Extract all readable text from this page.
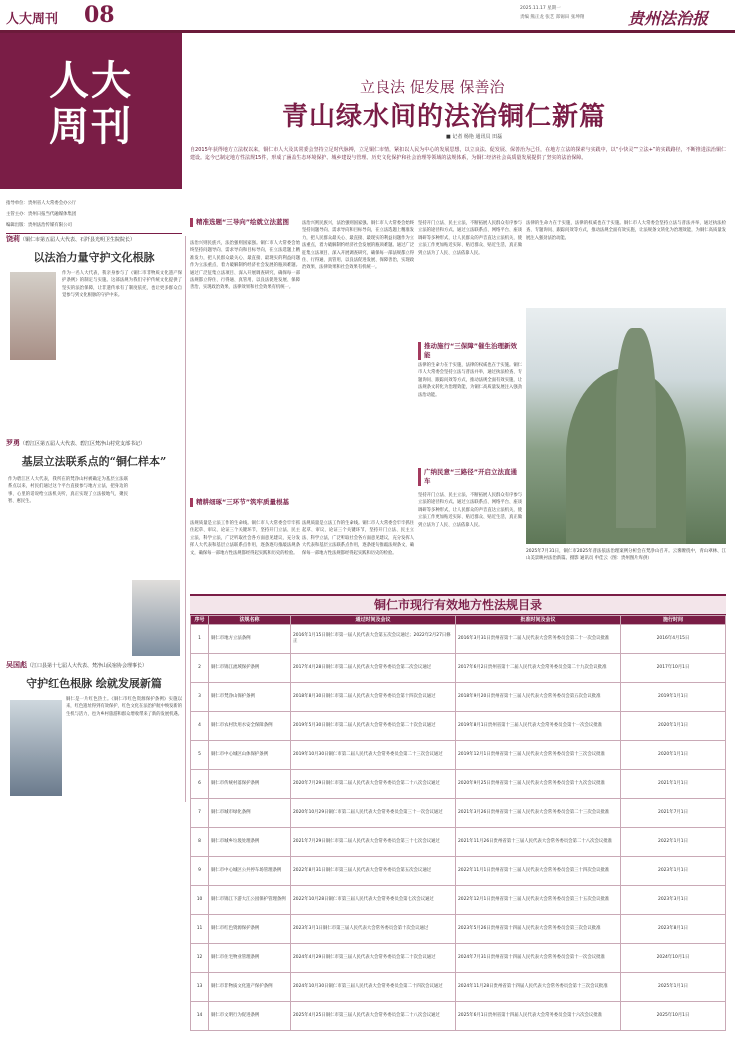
人大周刊 08	2025.11.17 星期一
责编 熊正龙 张艺 郑锡田 张坤翔	贵州法治报
人大周刊
指导单位：贵州省人大常委会办公厅
主管主办：贵州日报当代融媒体集团
编辑出版：贵州法治传媒有限公司
立良法 促发展 保善治
青山绿水间的法治铜仁新篇
■ 记者 杨艳 通讯员 田磊
自2015年获得地方立法权以来，铜仁市人大及其常委会坚持立足时代脉搏，立足铜仁市情，紧扣以人民为中心的发展思想，以立良法、促发展、保善治为己任，在地方立法的探索与实践中，以“小快灵”“立法+”的实践路径，不断推进法治铜仁建设。迄今已制定地方性法规15件，形成了涵盖生态环境保护、城乡建设与管理、历史文化保护和社会治理等领域的法规体系，为铜仁经济社会高质量发展提供了坚实的法治保障。
饶莉（铜仁市第五届人大代表、石阡县光明卫生院院长）
以法治力量守护文化根脉
作为一名人大代表，我亲身参与了《铜仁市非物质文化遗产保护条例》的制定与实施。这部法规为我们守护传统文化提供了坚实的法治保障，让非遗传承有了制度依托，也让更多群众自觉参与到文化根脉的守护中来。
罗勇（碧江区第五届人大代表、碧江区梵净山村党支部书记）
基层立法联系点的“铜仁样本”
作为碧江区人大代表，我所在的梵净山村被确定为基层立法联系点以来，村民们通过这个平台直接参与地方立法，把身边的事、心里的话说给立法机关听，真正实现了立法接地气、聚民智、惠民生。
吴国彪（江口县第十七届人大代表、梵净山民宿协会理事长）
守护红色根脉 绘就发展新篇
铜仁是一片红色热土。《铜仁市红色资源保护条例》实施以来，红色遗址得到有效保护，红色文化在法治护航中焕发新的生机与活力，也为乡村旅游和群众增收带来了新的发展机遇。
精准选题“三导向”绘就立法蓝图
法治兴则民族兴，法治强则国家强。铜仁市人大常委会始终坚持问题导向、需求导向和目标导向，在立法选题上精准发力，把人民群众最关心、最直接、最现实的利益问题作为立法重点，着力破解制约经济社会发展的瓶颈难题。通过广泛征集立法项目、深入开展调查研究，确保每一部法规都立得住、行得通、真管用，以良法促进发展、保障善治，实现政治效果、法律效果和社会效果有机统一。
精耕细琢“三环节”筑牢质量根基
法规质量是立法工作的生命线。铜仁市人大常委会牢牢抓住起草、审议、论证三个关键环节，坚持开门立法、民主立法、科学立法，广泛听取社会各方面意见建议，充分发挥人大代表和基层立法联系点作用，逐条逐句推敲法规条文，确保每一部地方性法规都经得起实践和历史的检验。
法规质量是立法工作的生命线。铜仁市人大常委会牢牢抓住起草、审议、论证三个关键环节，坚持开门立法、民主立法、科学立法，广泛听取社会各方面意见建议，充分发挥人大代表和基层立法联系点作用，逐条逐句推敲法规条文，确保每一部地方性法规都经得起实践和历史的检验。
法治兴则民族兴，法治强则国家强。铜仁市人大常委会始终坚持问题导向、需求导向和目标导向，在立法选题上精准发力，把人民群众最关心、最直接、最现实的利益问题作为立法重点，着力破解制约经济社会发展的瓶颈难题。通过广泛征集立法项目、深入开展调查研究，确保每一部法规都立得住、行得通、真管用，以良法促进发展、保障善治，实现政治效果、法律效果和社会效果有机统一。
坚持开门立法、民主立法，不断拓展人民群众有序参与立法的途径和方式。通过立法联系点、网络平台、座谈调研等多种形式，让人民群众的声音直达立法机关，使立法工作更加贴近实际、贴近群众、贴近生活，真正做到立法为了人民、立法依靠人民。
推动施行“三保障”催生治理新效能
法律的生命力在于实施，法律的权威也在于实施。铜仁市人大常委会坚持立法与普法并举，通过执法检查、专题询问、跟踪问效等方式，推动法规全面有效实施，让法规条文转化为治理效能，为铜仁高质量发展注入强劲法治动能。
广纳民意“三路径”开启立法直通车
坚持开门立法、民主立法，不断拓展人民群众有序参与立法的途径和方式。通过立法联系点、网络平台、座谈调研等多种形式，让人民群众的声音直达立法机关，使立法工作更加贴近实际、贴近群众、贴近生活，真正做到立法为了人民、立法依靠人民。
法律的生命力在于实施，法律的权威也在于实施。铜仁市人大常委会坚持立法与普法并举，通过执法检查、专题询问、跟踪问效等方式，推动法规全面有效实施，让法规条文转化为治理效能，为铜仁高质量发展注入强劲法治动能。
2025年7月31日，铜仁市2025年普法依法治理案例分析会在梵净山召开。云雾缭绕中，青山翠林、江山美景映衬法治新篇。摄影 通讯员 申佳云（图：贵州图片库供）
铜仁市现行有效地方性法规目录
序号	法规名称	通过时间及会议	批准时间及会议	施行时间
1	铜仁市地方立法条例	2016年1月15日铜仁市第一届人民代表大会第五次会议通过；2022年2月27日修正	2016年3月31日贵州省第十二届人民代表大会常务委员会第二十一次会议批准	2016年4月15日
2	铜仁市锦江流域保护条例	2017年4月28日铜仁市第二届人民代表大会常务委员会第二次会议通过	2017年6月2日贵州省第十二届人民代表大会常务委员会第二十九次会议批准	2017年10月1日
3	铜仁市梵净山保护条例	2018年8月30日铜仁市第二届人民代表大会常务委员会第十四次会议通过	2018年9月20日贵州省第十三届人民代表大会常务委员会第五次会议批准	2019年1月1日
4	铜仁市农村饮用水安全保障条例	2019年5月30日铜仁市第二届人民代表大会常务委员会第二十次会议通过	2019年8月1日贵州省第十三届人民代表大会常务委员会第十一次会议批准	2020年1月1日
5	铜仁市中心城区山体保护条例	2019年10月30日铜仁市第二届人民代表大会常务委员会第二十三次会议通过	2019年12月1日贵州省第十三届人民代表大会常务委员会第十三次会议批准	2020年1月1日
6	铜仁市传统村落保护条例	2020年7月29日铜仁市第二届人民代表大会常务委员会第二十八次会议通过	2020年9月25日贵州省第十三届人民代表大会常务委员会第十九次会议批准	2021年1月1日
7	铜仁市城市绿化条例	2020年10月29日铜仁市第二届人民代表大会常务委员会第三十一次会议通过	2021年3月26日贵州省第十三届人民代表大会常务委员会第二十三次会议批准	2021年7月1日
8	铜仁市城乡垃圾处理条例	2021年7月29日铜仁市第二届人民代表大会常务委员会第三十七次会议通过	2021年11月26日贵州省第十三届人民代表大会常务委员会第二十八次会议批准	2022年1月1日
9	铜仁市中心城区公共停车场管理条例	2022年8月31日铜仁市第三届人民代表大会常务委员会第五次会议通过	2022年11月1日贵州省第十三届人民代表大会常务委员会第三十四次会议批准	2023年1月1日
10	铜仁市锦江下游大江公园保护管理条例	2022年10月28日铜仁市第三届人民代表大会常务委员会第七次会议通过	2022年12月1日贵州省第十三届人民代表大会常务委员会第三十五次会议批准	2023年3月1日
11	铜仁市红色资源保护条例	2023年3月1日铜仁市第三届人民代表大会常务委员会第十次会议通过	2023年5月26日贵州省第十四届人民代表大会常务委员会第三次会议批准	2023年8月1日
12	铜仁市住宅物业管理条例	2024年4月29日铜仁市第三届人民代表大会常务委员会第二十次会议通过	2024年7月31日贵州省第十四届人民代表大会常务委员会第十一次会议批准	2024年10月1日
13	铜仁市非物质文化遗产保护条例	2024年10月30日铜仁市第三届人民代表大会常务委员会第二十四次会议通过	2024年11月28日贵州省第十四届人民代表大会常务委员会第十三次会议批准	2025年1月1日
14	铜仁市文明行为促进条例	2025年4月25日铜仁市第三届人民代表大会常务委员会第二十八次会议通过	2025年6月1日贵州省第十四届人民代表大会常务委员会第十六次会议批准	2025年10月1日
